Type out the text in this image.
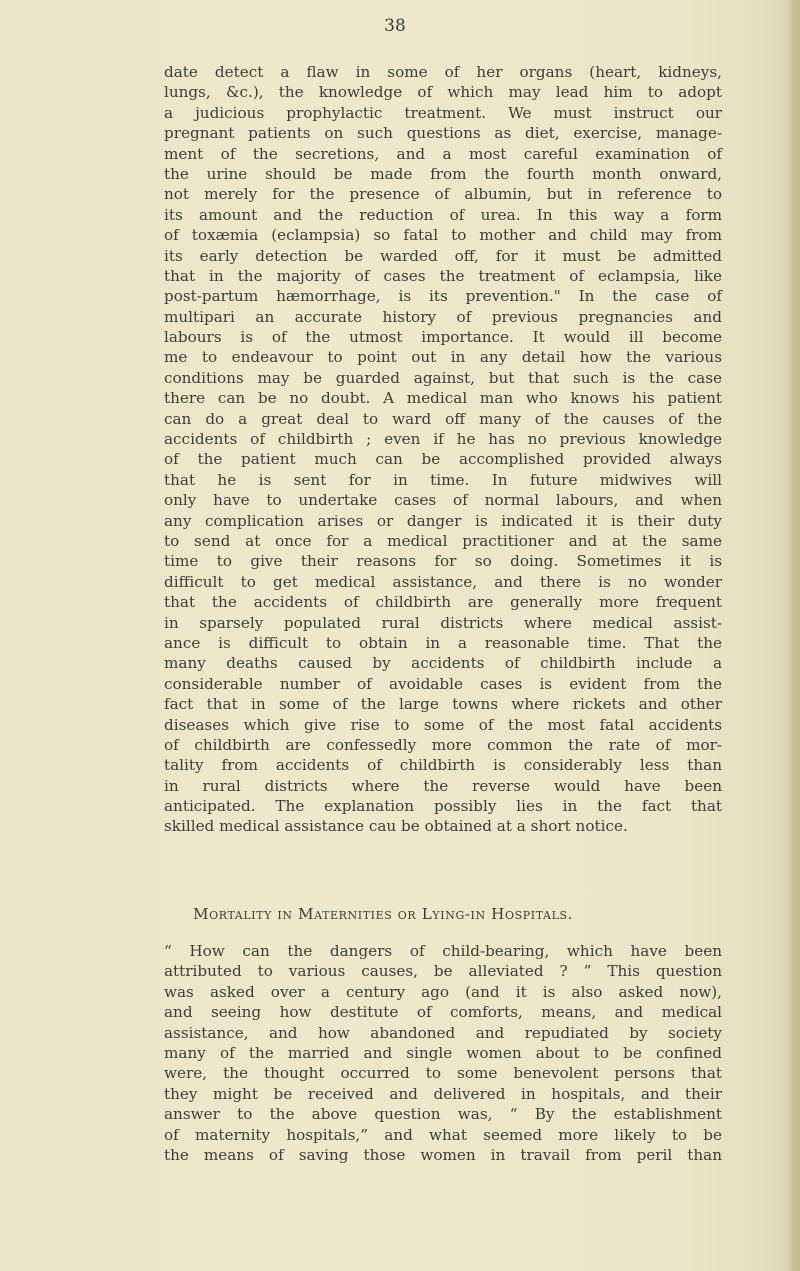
38
date detect a flaw in some of her organs (heart, kidneys,
lungs, &c.), the knowledge of which may lead him to adopt
a judicious prophylactic treatment. We must instruct our
pregnant patients on such questions as diet, exercise, manage-
ment of the secretions, and a most careful examination of
the urine should be made from the fourth month onward,
not merely for the presence of albumin, but in reference to
its amount and the reduction of urea. In this way a form
of toxæmia (eclampsia) so fatal to mother and child may from
its early detection be warded off, for it must be admitted
that in the majority of cases the treatment of eclampsia, like
post-partum hæmorrhage, is its prevention." In the case of
multipari an accurate history of previous pregnancies and
labours is of the utmost importance. It would ill become
me to endeavour to point out in any detail how the various
conditions may be guarded against, but that such is the case
there can be no doubt. A medical man who knows his patient
can do a great deal to ward off many of the causes of the
accidents of childbirth ; even if he has no previous knowledge
of the patient much can be accomplished provided always
that he is sent for in time. In future midwives will
only have to undertake cases of normal labours, and when
any complication arises or danger is indicated it is their duty
to send at once for a medical practitioner and at the same
time to give their reasons for so doing. Sometimes it is
difficult to get medical assistance, and there is no wonder
that the accidents of childbirth are generally more frequent
in sparsely populated rural districts where medical assist-
ance is difficult to obtain in a reasonable time. That the
many deaths caused by accidents of childbirth include a
considerable number of avoidable cases is evident from the
fact that in some of the large towns where rickets and other
diseases which give rise to some of the most fatal accidents
of childbirth are confessedly more common the rate of mor-
tality from accidents of childbirth is considerably less than
in rural districts where the reverse would have been
anticipated. The explanation possibly lies in the fact that
skilled medical assistance cau be obtained at a short notice.
Mortality in Maternities or Lying-in Hospitals.
“ How can the dangers of child-bearing, which have been
attributed to various causes, be alleviated ? ” This question
was asked over a century ago (and it is also asked now),
and seeing how destitute of comforts, means, and medical
assistance, and how abandoned and repudiated by society
many of the married and single women about to be confined
were, the thought occurred to some benevolent persons that
they might be received and delivered in hospitals, and their
answer to the above question was, “ By the establishment
of maternity hospitals,” and what seemed more likely to be
the means of saving those women in travail from peril than
